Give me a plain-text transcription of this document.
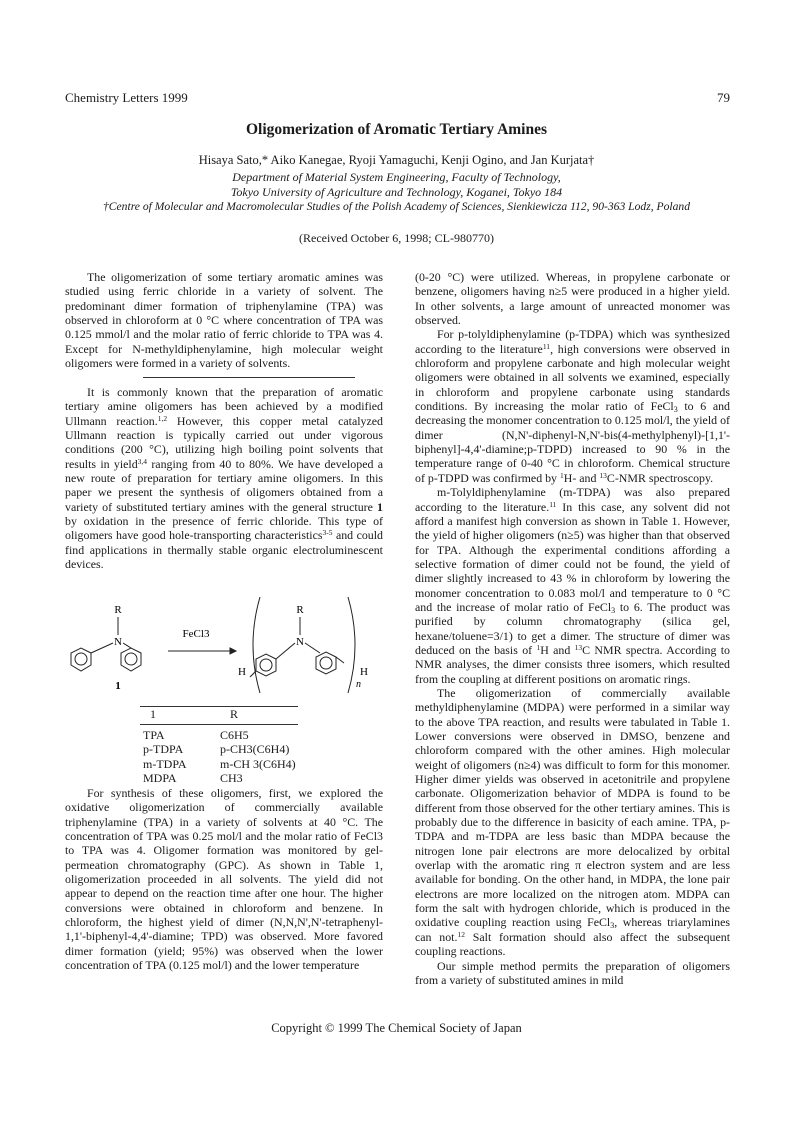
Chemistry Letters 1999	79
Oligomerization of Aromatic Tertiary Amines
Hisaya Sato,* Aiko Kanegae, Ryoji Yamaguchi, Kenji Ogino, and Jan Kurjata†
Department of Material System Engineering, Faculty of Technology,
Tokyo University of Agriculture and Technology, Koganei, Tokyo 184
†Centre of Molecular and Macromolecular Studies of the Polish Academy of Sciences, Sienkiewicza 112, 90-363 Lodz, Poland
(Received October 6, 1998; CL-980770)

The oligomerization of some tertiary aromatic amines was studied using ferric chloride in a variety of solvent. The predominant dimer formation of triphenylamine (TPA) was observed in chloroform at 0 °C where concentration of TPA was 0.125 mmol/l and the molar ratio of ferric chloride to TPA was 4. Except for N-methyldiphenylamine, high molecular weight oligomers were formed in a variety of solvents.

It is commonly known that the preparation of aromatic tertiary amine oligomers has been achieved by a modified Ullmann reaction.$^{1,2}$ However, this copper metal catalyzed Ullmann reaction is typically carried out under vigorous conditions (200 °C), utilizing high boiling point solvents that results in yield$^{3,4}$ ranging from 40 to 80%. We have developed a new route of preparation for tertiary amine oligomers. In this paper we present the synthesis of oligomers obtained from a variety of substituted tertiary amines with the general structure 1 by oxidation in the presence of ferric chloride. This type of oligomers have good hole-transporting characteristics$^{3-5}$ and could find applications in thermally stable organic electroluminescent devices.

R
N
1
FeCl3
R
N
H	H
n
1	R
TPA	C6H5
p-TDPA	p-CH3(C6H4)
m-TDPA	m-CH 3(C6H4)
MDPA	CH3

For synthesis of these oligomers, first, we explored the oxidative oligomerization of commercially available triphenylamine (TPA) in a variety of solvents at 40 °C. The concentration of TPA was 0.25 mol/l and the molar ratio of FeCl3 to TPA was 4. Oligomer formation was monitored by gel-permeation chromatography (GPC). As shown in Table 1, oligomerization proceeded in all solvents. The yield did not appear to depend on the reaction time after one hour. The higher conversions were obtained in chloroform and benzene. In chloroform, the highest yield of dimer (N,N,N',N'-tetraphenyl-1,1'-biphenyl-4,4'-diamine; TPD) was observed. More favored dimer formation (yield; 95%) was observed when the lower concentration of TPA (0.125 mol/l) and the lower temperature

(0-20 °C) were utilized. Whereas, in propylene carbonate or benzene, oligomers having n≥5 were produced in a higher yield. In other solvents, a large amount of unreacted monomer was observed.

For p-tolyldiphenylamine (p-TDPA) which was synthesized according to the literature$^{11}$, high conversions were observed in chloroform and propylene carbonate and high molecular weight oligomers were obtained in all solvents we examined, especially in chloroform and propylene carbonate using standards conditions. By increasing the molar ratio of FeCl$_3$ to 6 and decreasing the monomer concentration to 0.125 mol/l, the yield of dimer (N,N'-diphenyl-N,N'-bis(4-methylphenyl)-[1,1'-biphenyl]-4,4'-diamine;p-TDPD) increased to 90 % in the temperature range of 0-40 °C in chloroform. Chemical structure of p-TDPD was confirmed by $^1$H- and $^{13}$C-NMR spectroscopy.

m-Tolyldiphenylamine (m-TDPA) was also prepared according to the literature.$^{11}$ In this case, any solvent did not afford a manifest high conversion as shown in Table 1. However, the yield of higher oligomers (n≥5) was higher than that observed for TPA. Although the experimental conditions affording a selective formation of dimer could not be found, the yield of dimer slightly increased to 43 % in chloroform by lowering the monomer concentration to 0.083 mol/l and temperature to 0 °C and the increase of molar ratio of FeCl$_3$ to 6. The product was purified by column chromatography (silica gel, hexane/toluene=3/1) to get a dimer. The structure of dimer was deduced on the basis of $^1$H and $^{13}$C NMR spectra. According to NMR analyses, the dimer consists three isomers, which resulted from the coupling at different positions on aromatic rings.

The oligomerization of commercially available methyldiphenylamine (MDPA) were performed in a similar way to the above TPA reaction, and results were tabulated in Table 1. Lower conversions were observed in DMSO, benzene and chloroform compared with the other amines. High molecular weight of oligomers (n≥4) was difficult to form for this monomer. Higher dimer yields was observed in acetonitrile and propylene carbonate. Oligomerization behavior of MDPA is found to be different from those observed for the other tertiary amines. This is probably due to the difference in basicity of each amine. TPA, p-TDPA and m-TDPA are less basic than MDPA because the nitrogen lone pair electrons are more delocalized by orbital overlap with the aromatic ring π electron system and are less available for bonding. On the other hand, in MDPA, the lone pair electrons are more localized on the nitrogen atom. MDPA can form the salt with hydrogen chloride, which is produced in the oxidative coupling reaction using FeCl$_3$, whereas triarylamines can not.$^{12}$ Salt formation should also affect the subsequent coupling reactions.

Our simple method permits the preparation of oligomers from a variety of substituted amines in mild

Copyright © 1999 The Chemical Society of Japan
